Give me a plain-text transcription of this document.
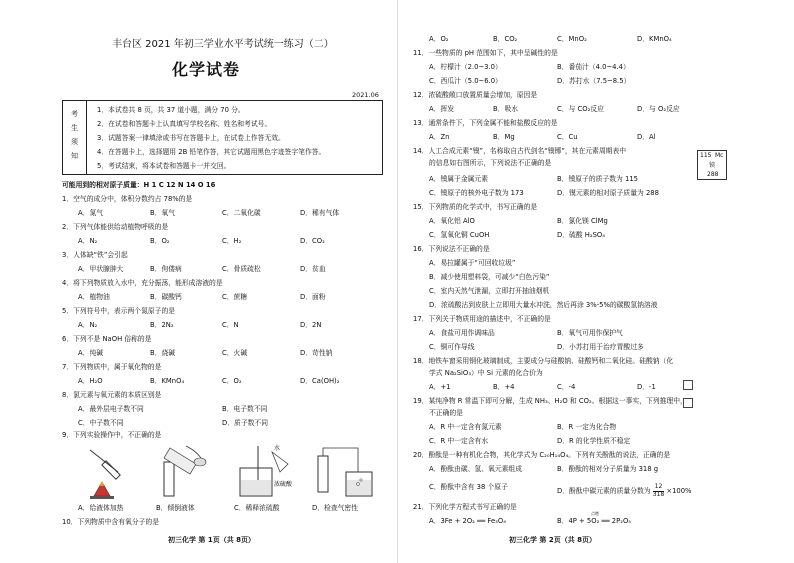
丰台区 2021 年初三学业水平考试统一练习（二）
化学试卷
2021.06
考
生
须
知
1．本试卷共 8 页，共 37 道小题，满分 70 分。
2．在试卷和答题卡上认真填写学校名称、姓名和考试号。
3．试题答案一律填涂或书写在答题卡上，在试卷上作答无效。
4．在答题卡上，选择题用 2B 铅笔作答，其它试题用黑色字迹签字笔作答。
5．考试结束，将本试卷和答题卡一并交回。
可能用到的相对原子质量：H 1 C 12 N 14 O 16
1．空气的成分中，体积分数约占 78%的是
A．氮气	B．氧气	C．二氧化碳	D．稀有气体
2．下列气体能供给动植物呼吸的是
A．N₂	B．O₂	C．H₂	D．CO₂
3．人体缺“铁”会引起
A．甲状腺肿大	B．佝偻病	C．骨质疏松	D．贫血
4．将下列物质放入水中，充分振荡，能形成溶液的是
A．植物油	B．碳酸钙	C．蔗糖	D．面粉
5．下列符号中，表示两个氮原子的是
A．N₂	B．2N₂	C．N	D．2N
6．下列不是 NaOH 俗称的是
A．纯碱	B．烧碱	C．火碱	D．苛性钠
7．下列物质中，属于氧化物的是
A．H₂O	B．KMnO₄	C．O₂	D．Ca(OH)₂
8．氯元素与氧元素的本质区别是
A．最外层电子数不同	B．电子数不同
C．中子数不同	D．质子数不同
9．下列实验操作中，不正确的是
水
浓硫酸
A．给液体加热	B．倾倒液体	C．稀释浓硫酸	D．检查气密性
10．下列物质中含有氧分子的是
初三化学 第 1页（共 8页）
A．O₂	B．CO₂	C．MnO₂	D．KMnO₄
11．一些物质的 pH 范围如下，其中呈碱性的是
A．柠檬汁（2.0~3.0）	B．番茄汁（4.0~4.4）
C．西瓜汁（5.0~6.0）	D．苏打水（7.5~8.5）
12．浓硫酸敞口放置质量会增加，原因是
A．挥发	B．吸水	C．与 CO₂反应	D．与 O₂反应
13．通常条件下，下列金属不能和盐酸反应的是
A．Zn	B．Mg	C．Cu	D．Al
14．人工合成元素“镆”，名称取自古代剑名“镆铘”，其在元素周期表中
的信息如右图所示，下列说法不正确的是
115 Mc
镆
288
A．镆属于金属元素	B．镆原子的质子数为 115
C．镆原子的核外电子数为 173	D．镆元素的相对原子质量为 288
15．下列物质的化学式中，书写正确的是
A．氧化铝 AlO	B．氯化镁 ClMg
C．氢氧化铜 CuOH	D．硫酸 H₂SO₄
16．下列说法不正确的是
A．易拉罐属于“可回收垃圾”
B．减少使用塑料袋，可减少“白色污染”
C．室内天然气泄漏，立即打开抽油烟机
D．浓硫酸沾到皮肤上立即用大量水冲洗，然后再涂 3%-5%的碳酸氢钠溶液
17．下列关于物质用途的描述中，不正确的是
A．食盐可用作调味品	B．氧气可用作保护气
C．铜可作导线	D．小苏打用于治疗胃酸过多
18．地铁车窗采用钢化玻璃制成，主要成分与硅酸钠、硅酸钙和二氧化硅。硅酸钠（化
学式 Na₂SiO₃）中 Si 元素的化合价为
A．+1	B．+4	C．-4	D．-1
19．某纯净物 R 常温下即可分解，生成 NH₃、H₂O 和 CO₂。根据这一事实，下列推理中，
不正确的是
A．R 中一定含有氮元素	B．R 一定为化合物
C．R 中一定含有水	D．R 的化学性质不稳定
20．酚酞是一种有机化合物，其化学式为 C₂₀H₁₄O₄。下列有关酚酞的说法，正确的是
A．酚酞由碳、氢、氧元素组成	B．酚酞的相对分子质量为 318 g
C．酚酞中含有 38 个原子
D．酚酞中碳元素的质量分数为 $\frac{12}{318} \times 100\%$
21．下列化学方程式书写正确的是
A．3Fe + 2O₂ ══ Fe₃O₄	B．4P + 5O₂ ══ 2P₂O₅
点燃
初三化学 第 2页（共 8页）
